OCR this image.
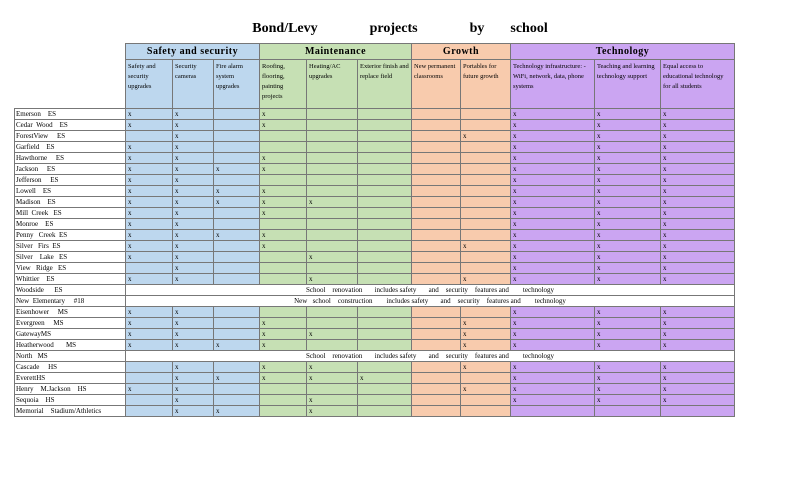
Bond/Levy        projects        by    school
	Safety and security			Maintenance			Growth		Technology		
	Safety and security upgrades	Security cameras	Fire alarm system upgrades	Roofing, flooring, painting projects	Heating/AC upgrades	Exterior finish and replace field	New permanent classrooms	Portables for future growth	Technology infrastructure: -WiFi, network, data, phone systems	Teaching and learning technology support	Equal access to educational technology for all students
Emerson    ES	x	x		x					x	x	x
Cedar  Wood    ES	x	x		x					x	x	x
ForestView     ES		x						x	x	x	x
Garfield    ES	x	x							x	x	x
Hawthorne     ES	x	x		x					x	x	x
Jackson     ES	x	x	x	x					x	x	x
Jefferson     ES	x	x							x	x	x
Lowell    ES	x	x	x	x					x	x	x
Madison    ES	x	x	x	x	x				x	x	x
Mill  Creek   ES	x	x		x					x	x	x
Monroe    ES	x	x							x	x	x
Penny   Creek  ES	x	x	x	x					x	x	x
Silver   Firs  ES	x	x		x				x	x	x	x
Silver    Lake   ES	x	x			x				x	x	x
View   Ridge   ES		x							x	x	x
Whittier    ES	x	x			x			x	x	x	x
Woodside      ES	School    renovation       includes safety       and    security    features and        technology										
New  Elementary     #18	New   school    construction        includes safety       and    security    features and        technology										
Eisenhower     MS	x	x							x	x	x
Evergreen     MS	x	x		x				x	x	x	x
GatewayMS	x	x		x	x			x	x	x	x
Heatherwood       MS	x	x	x	x				x	x	x	x
North   MS	School    renovation       includes safety       and    security    features and        technology										
Cascade     HS		x		x	x			x	x	x	x
EverettHS		x	x	x	x	x			x	x	x
Henry    M.Jackson    HS	x	x						x	x	x	x
Sequoia    HS		x			x				x	x	x
Memorial    Stadium/Athletics		x	x		x						
